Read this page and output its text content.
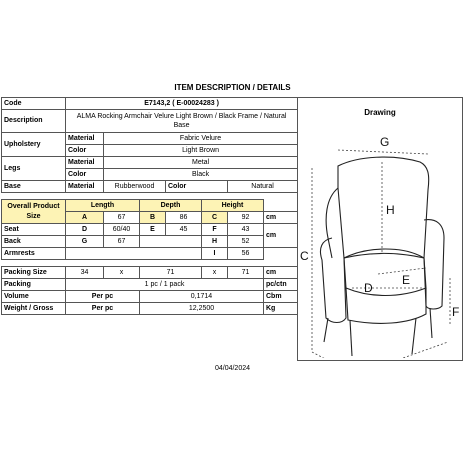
ITEM DESCRIPTION / DETAILS
Code	E7143,2 ( E-00024283 )						
Description	ALMA Rocking Armchair Velure Light Brown / Black Frame / Natural Base						
Upholstery	Material	Fabric Velure					
	Color	Light Brown					
Legs	Material	Metal					
	Color	Black					
Base	Material	Rubberwood		Color		Natural	

Overall Product Size	Length		Depth		Height		
	A	67	B	86	C	92	cm
Seat	D	60/40	E	45	F	43	cm
Back	G	67			H	52	
Armrests					I	56	

Packing Size	34	x	71		x	71	cm
Packing	1 pc / 1 pack						pc/ctn
Volume	Per pc		0,1714				Cbm
Weight / Gross	Per pc		12,2500				Kg
Drawing
G
H
C
E
D
F
04/04/2024
